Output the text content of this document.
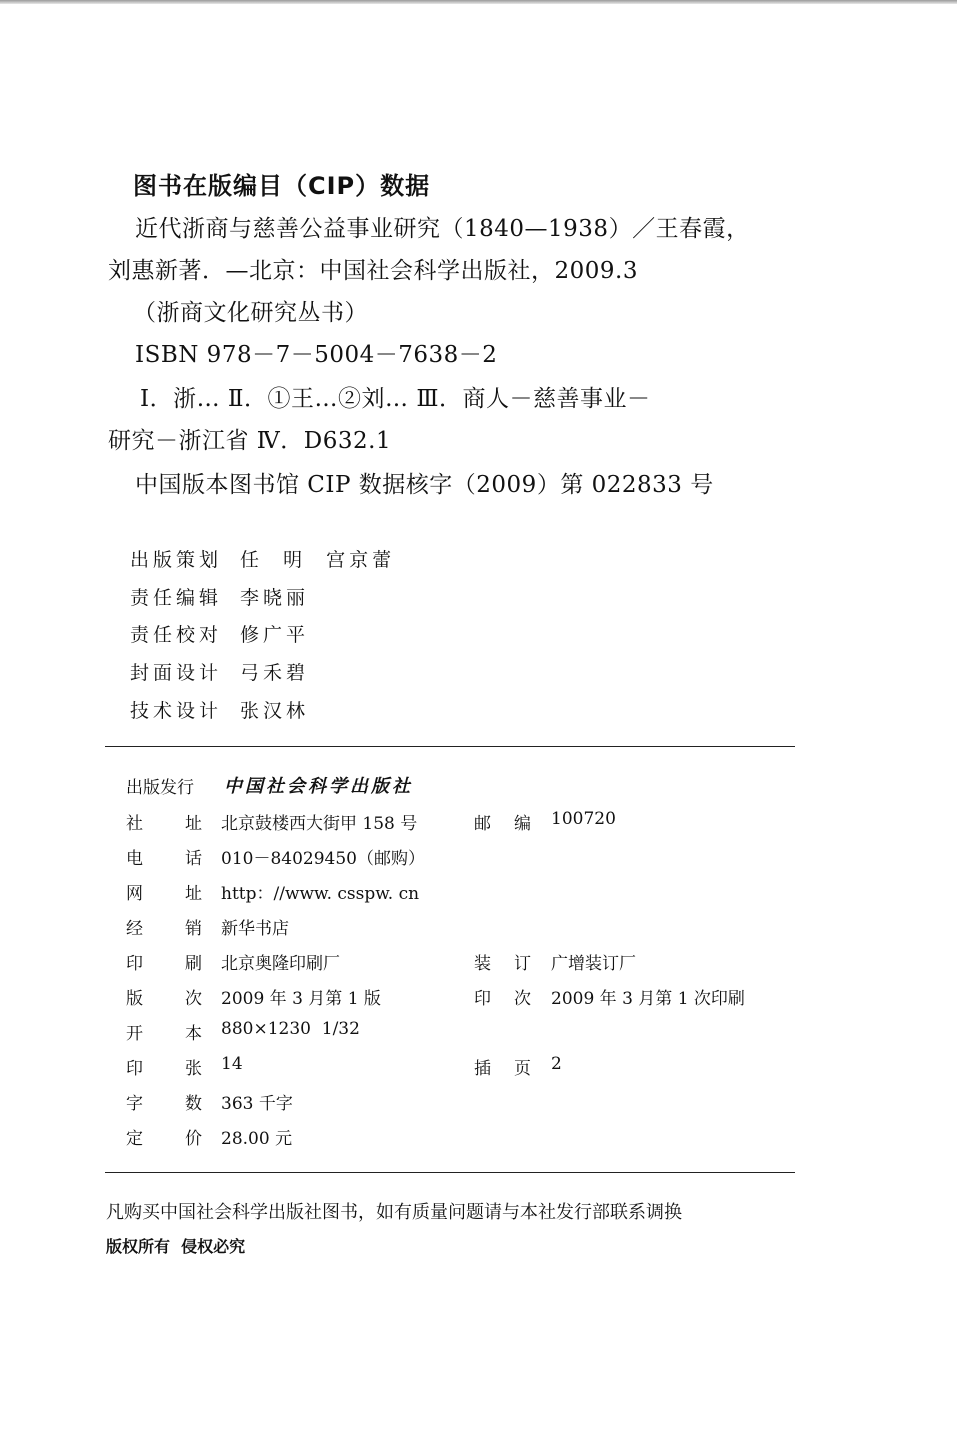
图书在版编目（CIP）数据
近代浙商与慈善公益事业研究（1840—1938）／王春霞，
刘惠新著．—北京：中国社会科学出版社，2009.3
（浙商文化研究丛书）
ISBN 978－7－5004－7638－2
Ⅰ．浙… Ⅱ．①王…②刘… Ⅲ．商人－慈善事业－
研究－浙江省 Ⅳ．D632.1
中国版本图书馆 CIP 数据核字（2009）第 022833 号
出版策划 任  明  宫京蕾
责任编辑 李晓丽
责任校对 修广平
封面设计 弓禾碧
技术设计 张汉林
出版发行 中国社会科学出版社
社 址 北京鼓楼西大街甲 158 号	邮 编 100720
电 话 010－84029450（邮购）
网 址 http：//www. csspw. cn
经 销 新华书店
印 刷 北京奥隆印刷厂	装 订 广增装订厂
版 次 2009 年 3 月第 1 版	印 次 2009 年 3 月第 1 次印刷
开 本 880×1230  1/32
印 张 14	插 页 2
字 数 363 千字
定 价 28.00 元
凡购买中国社会科学出版社图书，如有质量问题请与本社发行部联系调换
版权所有  侵权必究
